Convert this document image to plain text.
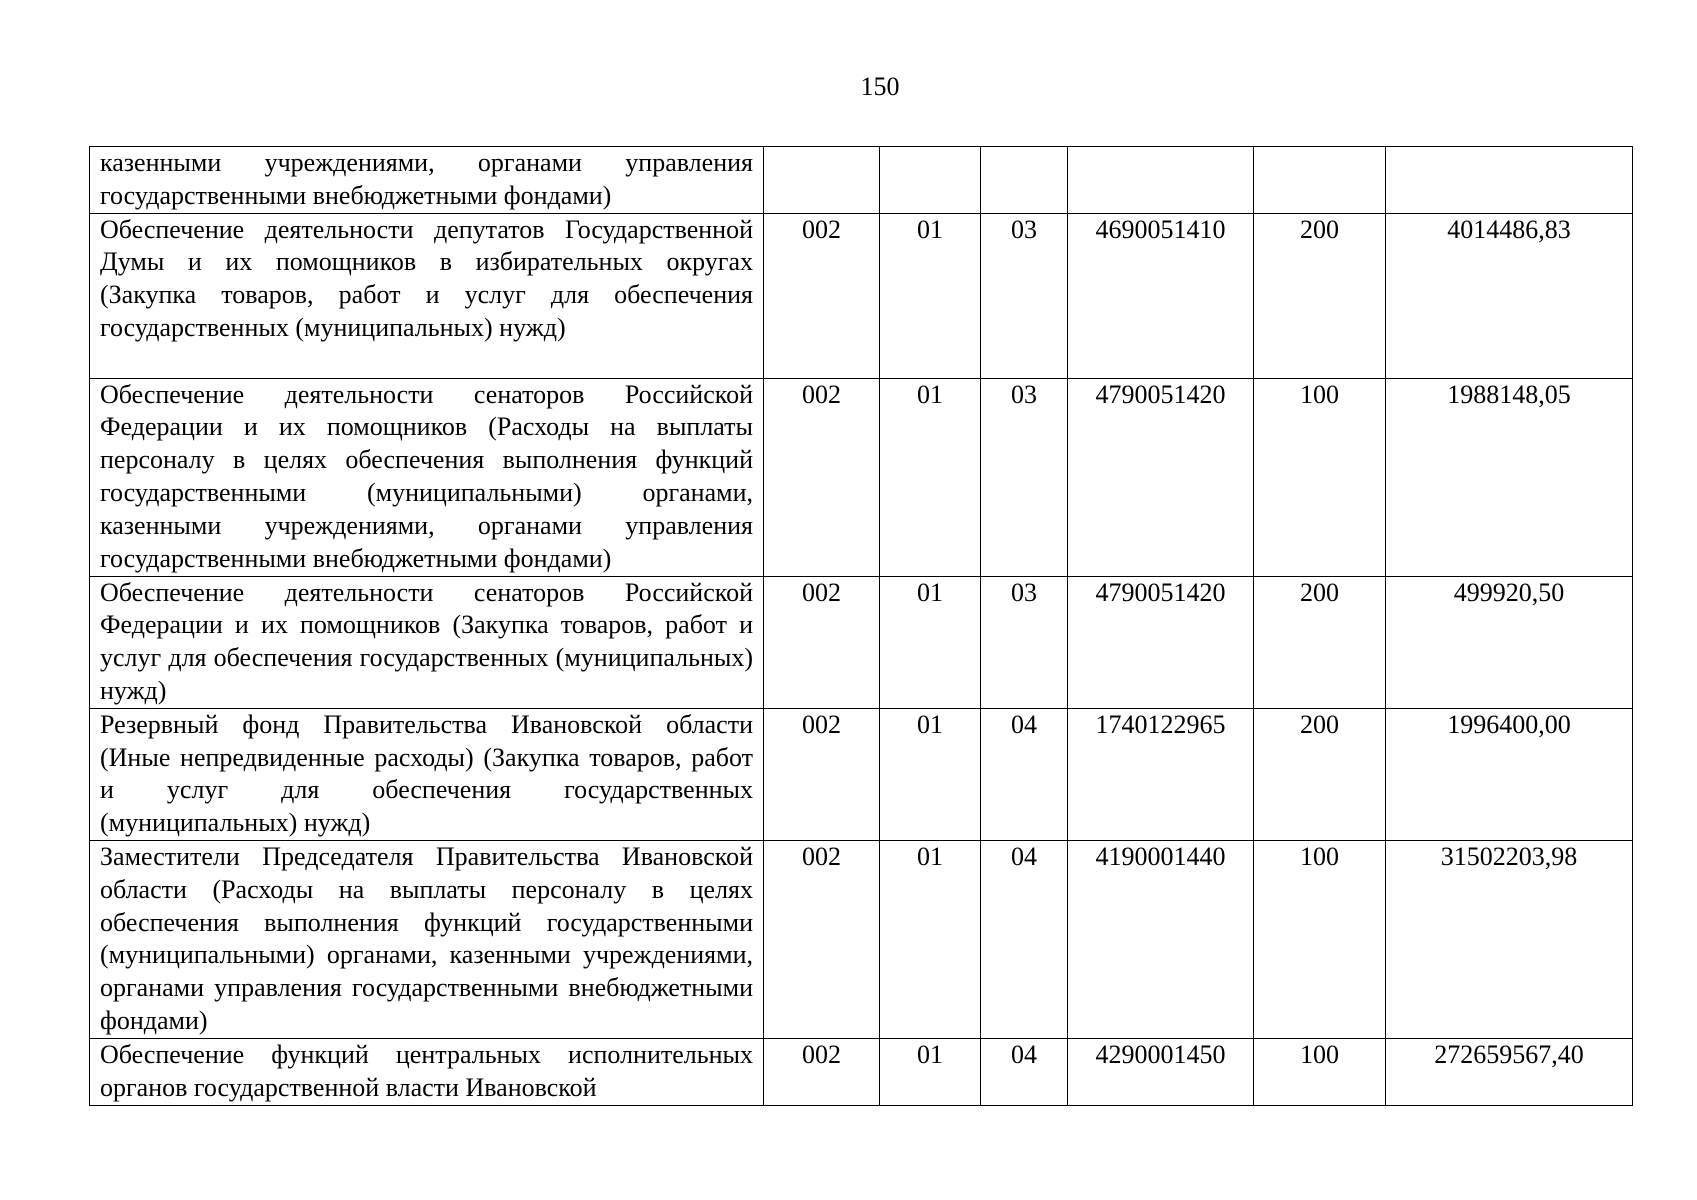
150
казенными учреждениями, органами управления государственными внебюджетными фондами)						
Обеспечение деятельности депутатов Государственной Думы и их помощников в избирательных округах (Закупка товаров, работ и услуг для обеспечения государственных (муниципальных) нужд)	002	01	03	4690051410	200	4014486,83
Обеспечение деятельности сенаторов Российской Федерации и их помощников (Расходы на выплаты персоналу в целях обеспечения выполнения функций государственными (муниципальными) органами, казенными учреждениями, органами управления государственными внебюджетными фондами)	002	01	03	4790051420	100	1988148,05
Обеспечение деятельности сенаторов Российской Федерации и их помощников (Закупка товаров, работ и услуг для обеспечения государственных (муниципальных) нужд)	002	01	03	4790051420	200	499920,50
Резервный фонд Правительства Ивановской области (Иные непредвиденные расходы) (Закупка товаров, работ и услуг для обеспечения государственных (муниципальных) нужд)	002	01	04	1740122965	200	1996400,00
Заместители Председателя Правительства Ивановской области (Расходы на выплаты персоналу в целях обеспечения выполнения функций государственными (муниципальными) органами, казенными учреждениями, органами управления государственными внебюджетными фондами)	002	01	04	4190001440	100	31502203,98
Обеспечение функций центральных исполнительных органов государственной власти Ивановской	002	01	04	4290001450	100	272659567,40
